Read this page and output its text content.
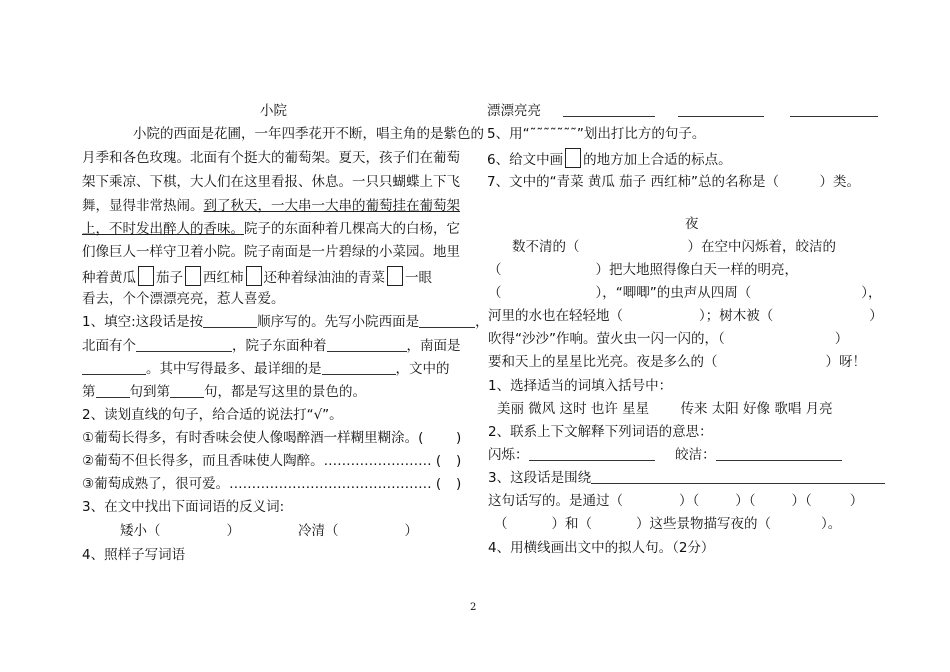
小院
小院的西面是花圃，一年四季花开不断，唱主角的是紫色的
月季和各色玫瑰。北面有个挺大的葡萄架。夏天，孩子们在葡萄
架下乘凉、下棋，大人们在这里看报、休息。一只只蝴蝶上下飞
舞，显得非常热闹。到了秋天，一大串一大串的葡萄挂在葡萄架
上，不时发出醉人的香味。院子的东面种着几棵高大的白杨，它
们像巨人一样守卫着小院。院子南面是一片碧绿的小菜园。地里
种着黄瓜 茄子 西红柿 还种着绿油油的青菜 一眼
看去，个个漂漂亮亮，惹人喜爱。
1、填空:这段话是按	顺序写的。先写小院西面是	，
北面有个	，院子东面种着	，南面是
。其中写得最多、最详细的是	，文中的
第	句到第	句，都是写这里的景色的。
2、读划直线的句子，给合适的说法打“√”。
①葡萄长得多，有时香味会使人像喝醉酒一样糊里糊涂。( )
②葡萄不但长得多，而且香味使人陶醉。…………………… ( )
③葡萄成熟了，很可爱。……………………………………… ( )
3、在文中找出下面词语的反义词:
矮小（	）	冷清（	）
4、照样子写词语
漂漂亮亮
5、用“˜˜˜˜˜˜˜”划出打比方的句子。
6、给文中画 的地方加上合适的标点。
7、文中的“青菜 黄瓜 茄子 西红柿”总的名称是（　　　）类。
夜
数不清的（	）在空中闪烁着，皎洁的
（	）把大地照得像白天一样的明亮，
（	），“唧唧”的虫声从四周（	），
河里的水也在轻轻地（	）；树木被（	）
吹得“沙沙”作响。萤火虫一闪一闪的，（	）
要和天上的星星比光亮。夜是多么的（	）呀！
1、选择适当的词填入括号中：
美丽 微风 这时 也许 星星　　 传来 太阳 好像 歌唱 月亮
2、联系上下文解释下列词语的意思：
闪烁：	皎洁：
3、这段话是围绕
这句话写的。是通过（	）（	）（	）（	）
（	）和（	）这些景物描写夜的（	）。
4、用横线画出文中的拟人句。（2分）
2
